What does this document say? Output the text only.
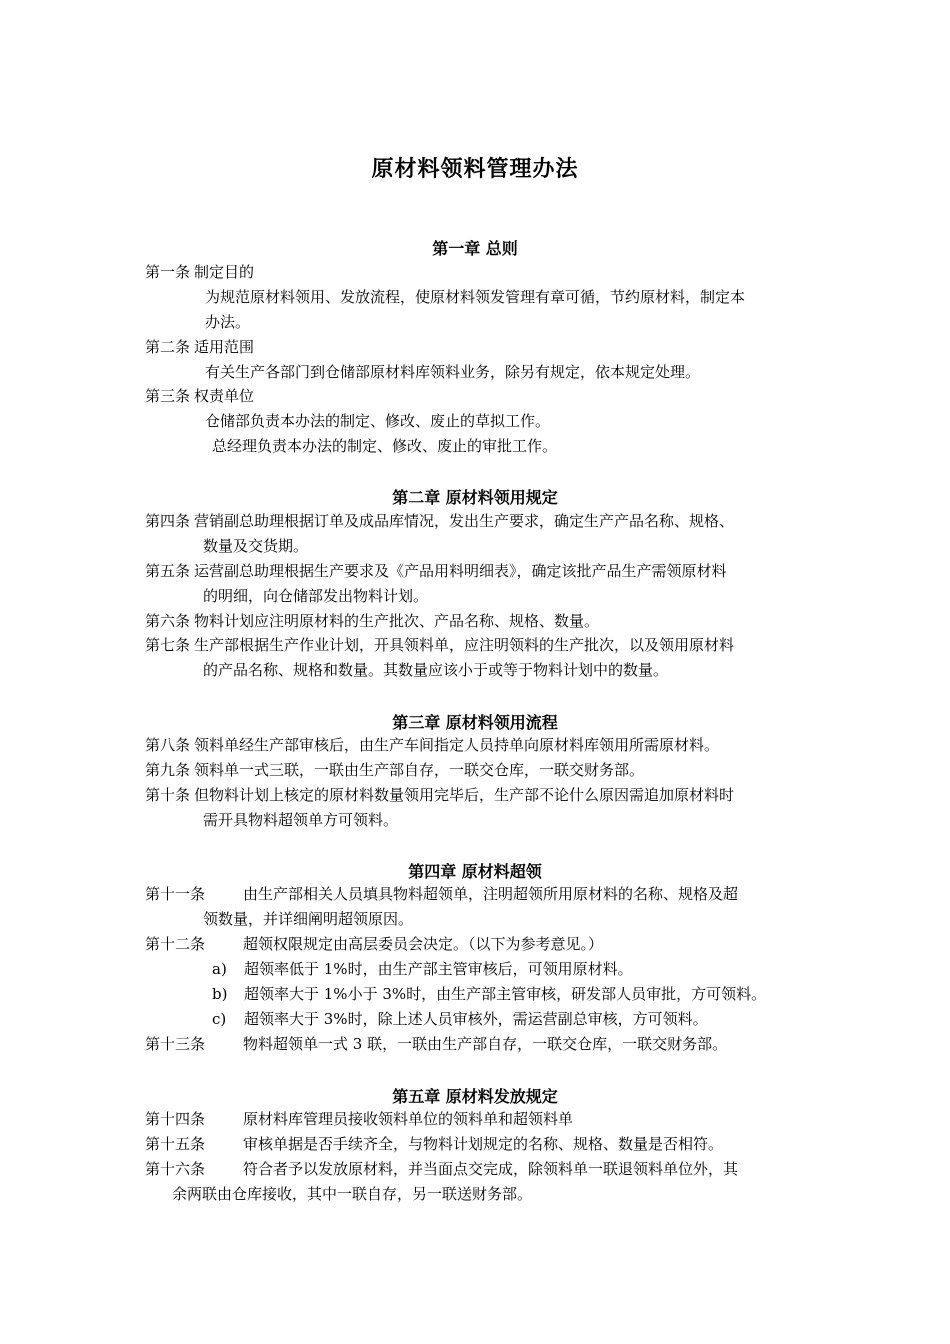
原材料领料管理办法
第一章 总则
第一条 制定目的
为规范原材料领用、发放流程，使原材料领发管理有章可循，节约原材料，制定本
办法。
第二条 适用范围
有关生产各部门到仓储部原材料库领料业务，除另有规定，依本规定处理。
第三条 权责单位
仓储部负责本办法的制定、修改、废止的草拟工作。
总经理负责本办法的制定、修改、废止的审批工作。
第二章 原材料领用规定
第四条 营销副总助理根据订单及成品库情况，发出生产要求，确定生产产品名称、规格、
数量及交货期。
第五条 运营副总助理根据生产要求及《产品用料明细表》，确定该批产品生产需领原材料
的明细，向仓储部发出物料计划。
第六条 物料计划应注明原材料的生产批次、产品名称、规格、数量。
第七条 生产部根据生产作业计划，开具领料单，应注明领料的生产批次，以及领用原材料
的产品名称、规格和数量。其数量应该小于或等于物料计划中的数量。
第三章 原材料领用流程
第八条 领料单经生产部审核后，由生产车间指定人员持单向原材料库领用所需原材料。
第九条 领料单一式三联，一联由生产部自存，一联交仓库，一联交财务部。
第十条 但物料计划上核定的原材料数量领用完毕后，生产部不论什么原因需追加原材料时
需开具物料超领单方可领料。
第四章 原材料超领
第十一条	由生产部相关人员填具物料超领单，注明超领所用原材料的名称、规格及超
领数量，并详细阐明超领原因。
第十二条	超领权限规定由高层委员会决定。（以下为参考意见。）
a) 超领率低于 1%时，由生产部主管审核后，可领用原材料。
b) 超领率大于 1%小于 3%时，由生产部主管审核，研发部人员审批，方可领料。
c) 超领率大于 3%时，除上述人员审核外，需运营副总审核，方可领料。
第十三条	物料超领单一式 3 联，一联由生产部自存，一联交仓库，一联交财务部。
第五章 原材料发放规定
第十四条	原材料库管理员接收领料单位的领料单和超领料单
第十五条	审核单据是否手续齐全，与物料计划规定的名称、规格、数量是否相符。
第十六条	符合者予以发放原材料，并当面点交完成，除领料单一联退领料单位外，其
余两联由仓库接收，其中一联自存，另一联送财务部。
